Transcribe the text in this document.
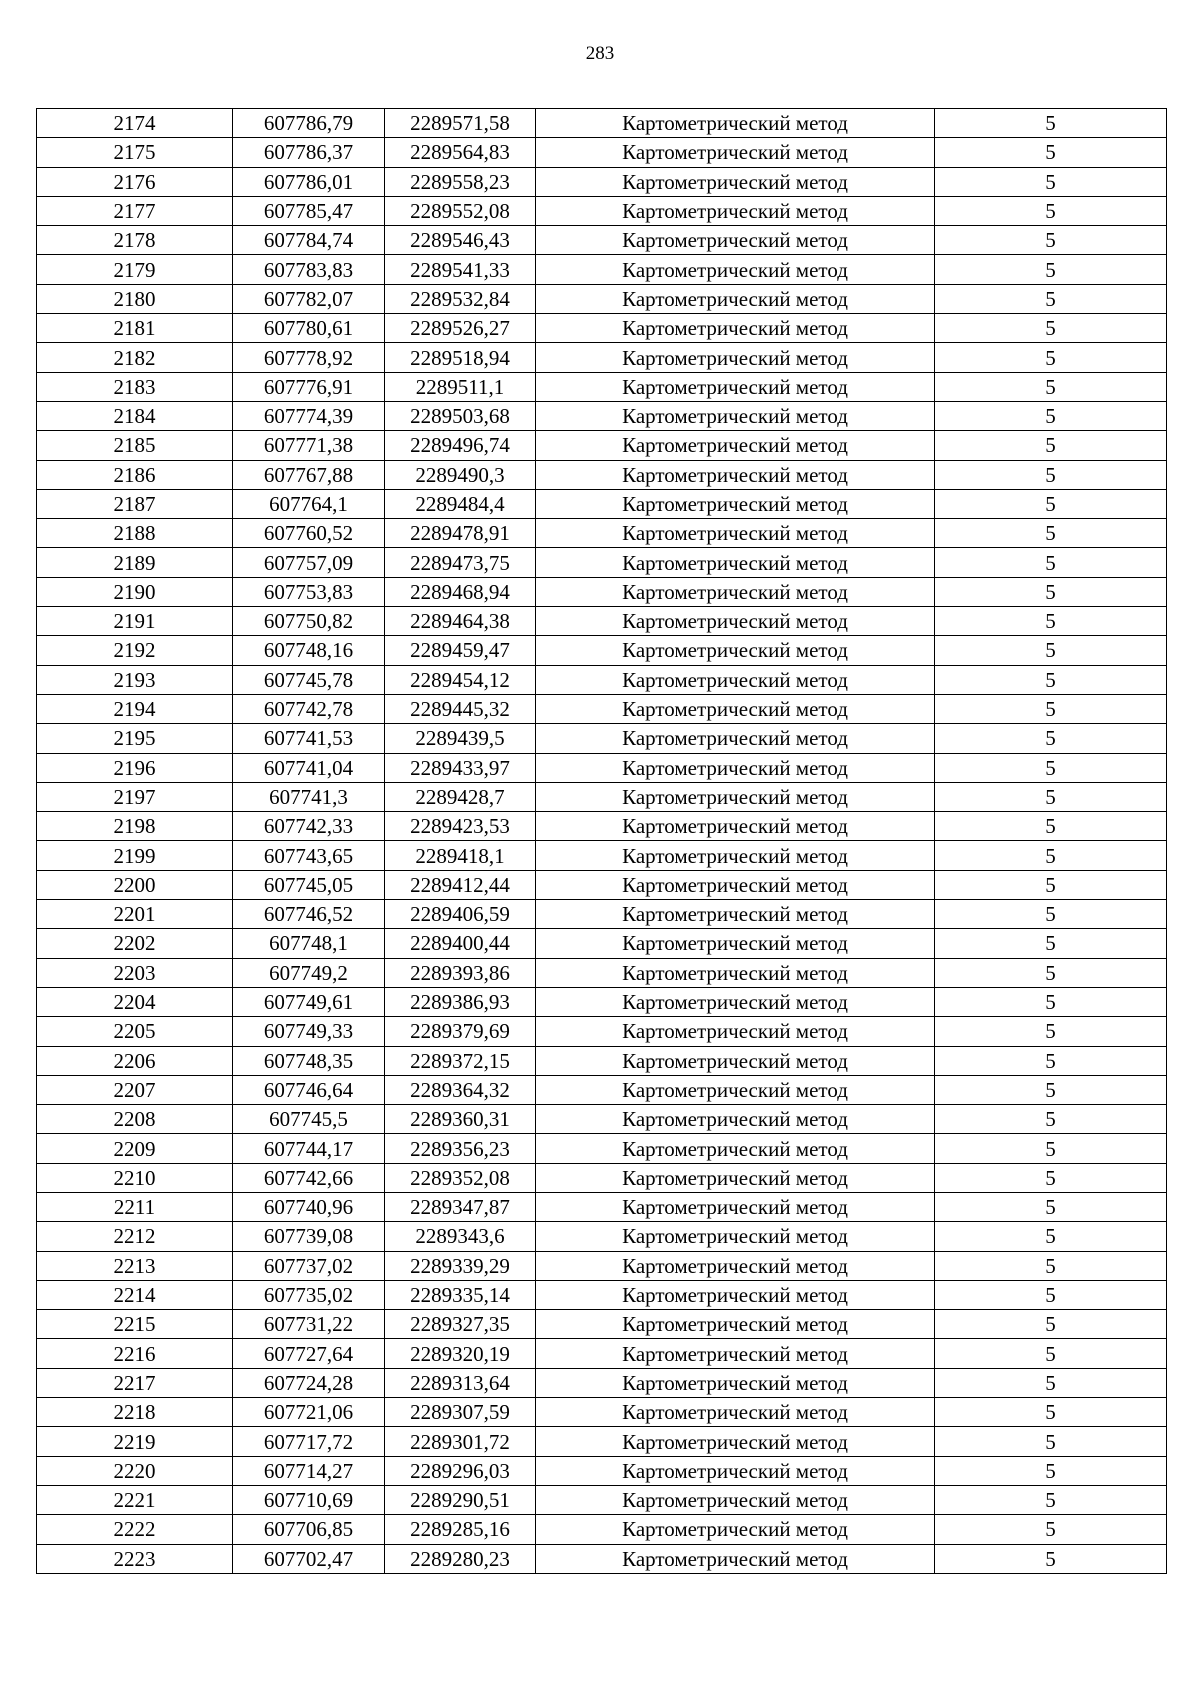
283
2174	607786,79	2289571,58	Картометрический метод	5
2175	607786,37	2289564,83	Картометрический метод	5
2176	607786,01	2289558,23	Картометрический метод	5
2177	607785,47	2289552,08	Картометрический метод	5
2178	607784,74	2289546,43	Картометрический метод	5
2179	607783,83	2289541,33	Картометрический метод	5
2180	607782,07	2289532,84	Картометрический метод	5
2181	607780,61	2289526,27	Картометрический метод	5
2182	607778,92	2289518,94	Картометрический метод	5
2183	607776,91	2289511,1	Картометрический метод	5
2184	607774,39	2289503,68	Картометрический метод	5
2185	607771,38	2289496,74	Картометрический метод	5
2186	607767,88	2289490,3	Картометрический метод	5
2187	607764,1	2289484,4	Картометрический метод	5
2188	607760,52	2289478,91	Картометрический метод	5
2189	607757,09	2289473,75	Картометрический метод	5
2190	607753,83	2289468,94	Картометрический метод	5
2191	607750,82	2289464,38	Картометрический метод	5
2192	607748,16	2289459,47	Картометрический метод	5
2193	607745,78	2289454,12	Картометрический метод	5
2194	607742,78	2289445,32	Картометрический метод	5
2195	607741,53	2289439,5	Картометрический метод	5
2196	607741,04	2289433,97	Картометрический метод	5
2197	607741,3	2289428,7	Картометрический метод	5
2198	607742,33	2289423,53	Картометрический метод	5
2199	607743,65	2289418,1	Картометрический метод	5
2200	607745,05	2289412,44	Картометрический метод	5
2201	607746,52	2289406,59	Картометрический метод	5
2202	607748,1	2289400,44	Картометрический метод	5
2203	607749,2	2289393,86	Картометрический метод	5
2204	607749,61	2289386,93	Картометрический метод	5
2205	607749,33	2289379,69	Картометрический метод	5
2206	607748,35	2289372,15	Картометрический метод	5
2207	607746,64	2289364,32	Картометрический метод	5
2208	607745,5	2289360,31	Картометрический метод	5
2209	607744,17	2289356,23	Картометрический метод	5
2210	607742,66	2289352,08	Картометрический метод	5
2211	607740,96	2289347,87	Картометрический метод	5
2212	607739,08	2289343,6	Картометрический метод	5
2213	607737,02	2289339,29	Картометрический метод	5
2214	607735,02	2289335,14	Картометрический метод	5
2215	607731,22	2289327,35	Картометрический метод	5
2216	607727,64	2289320,19	Картометрический метод	5
2217	607724,28	2289313,64	Картометрический метод	5
2218	607721,06	2289307,59	Картометрический метод	5
2219	607717,72	2289301,72	Картометрический метод	5
2220	607714,27	2289296,03	Картометрический метод	5
2221	607710,69	2289290,51	Картометрический метод	5
2222	607706,85	2289285,16	Картометрический метод	5
2223	607702,47	2289280,23	Картометрический метод	5
